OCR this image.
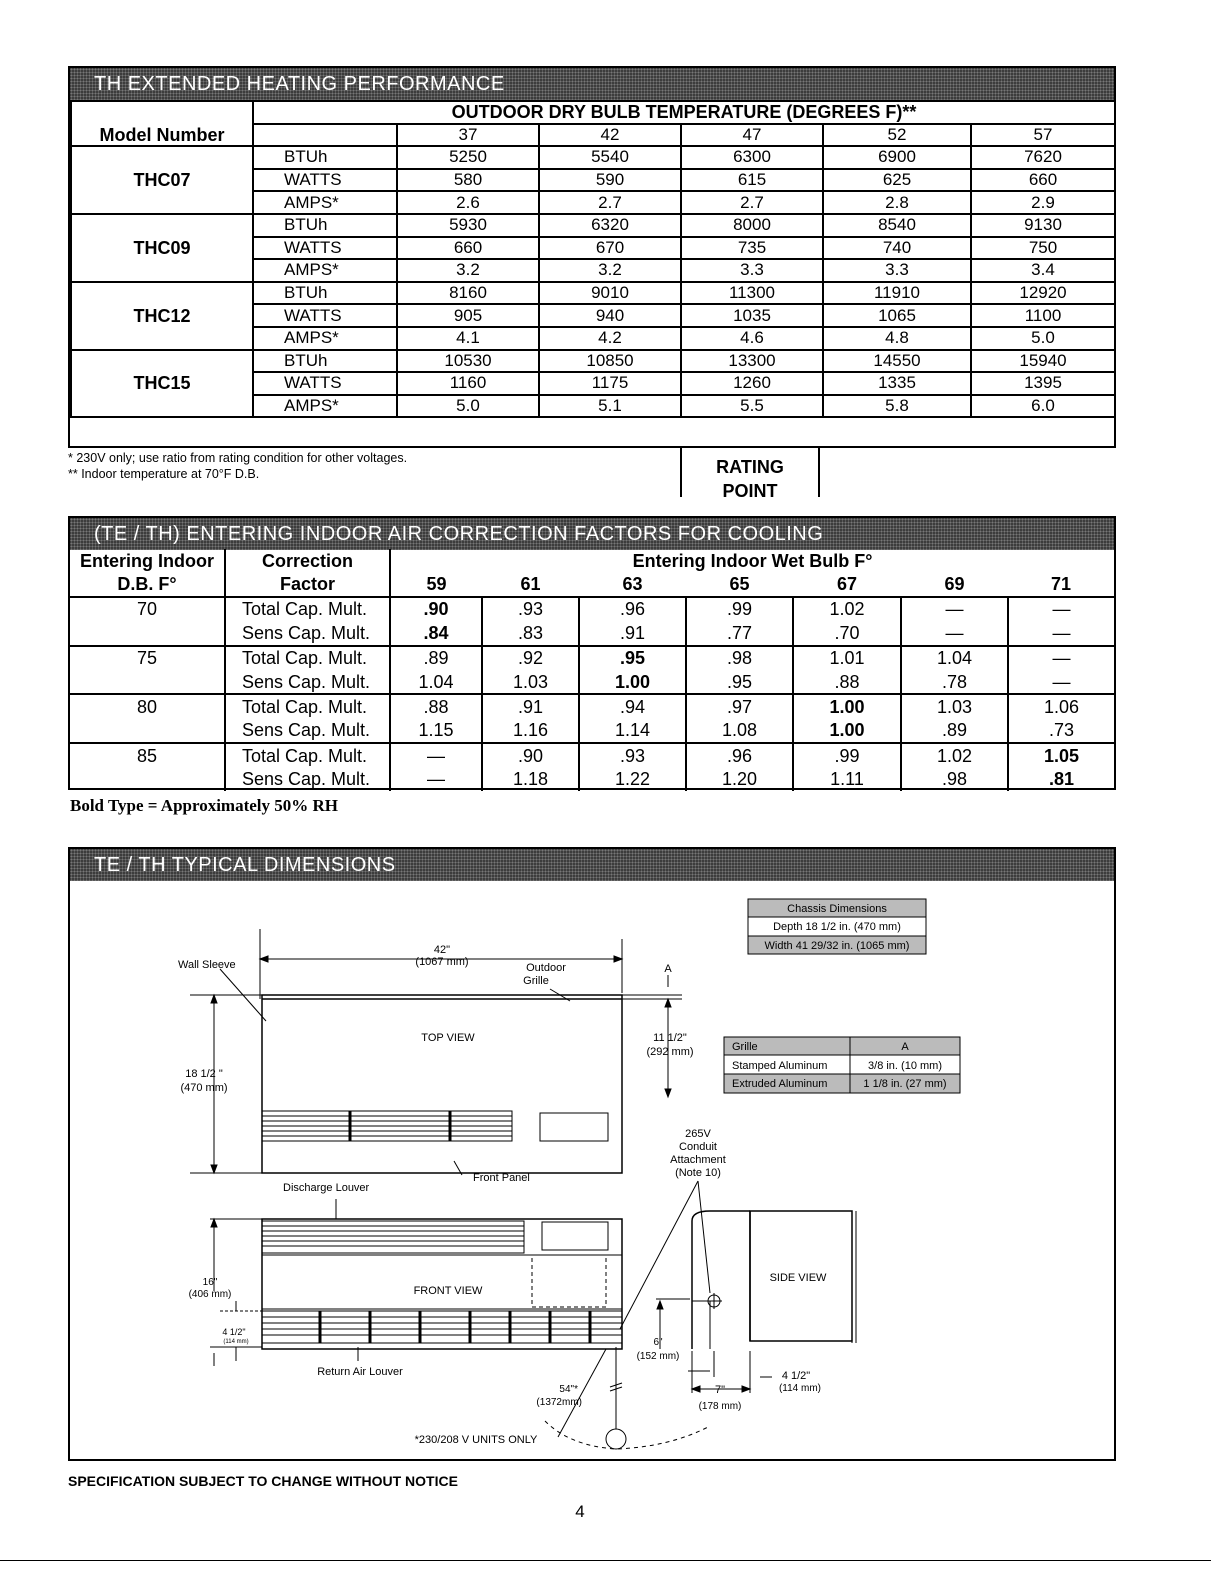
TH EXTENDED HEATING PERFORMANCE
Model Number	OUTDOOR DRY BULB TEMPERATURE (DEGREES F)**					
		37	42	47	52	57
THC07	BTUh	5250	5540	6300	6900	7620
	WATTS	580	590	615	625	660
	AMPS*	2.6	2.7	2.7	2.8	2.9
THC09	BTUh	5930	6320	8000	8540	9130
	WATTS	660	670	735	740	750
	AMPS*	3.2	3.2	3.3	3.3	3.4
THC12	BTUh	8160	9010	11300	11910	12920
	WATTS	905	940	1035	1065	1100
	AMPS*	4.1	4.2	4.6	4.8	5.0
THC15	BTUh	10530	10850	13300	14550	15940
	WATTS	1160	1175	1260	1335	1395
	AMPS*	5.0	5.1	5.5	5.8	6.0
* 230V only; use ratio from rating condition for other voltages.
** Indoor temperature at 70°F D.B.	RATING
POINT
(TE / TH) ENTERING INDOOR AIR CORRECTION FACTORS FOR COOLING
Entering Indoor	Correction	Entering Indoor Wet Bulb F°						
D.B. F°	Factor	59	61	63	65	67	69	71
70	Total Cap. Mult.	.90	.93	.96	.99	1.02	—	—
	Sens Cap. Mult.	.84	.83	.91	.77	.70	—	—
75	Total Cap. Mult.	.89	.92	.95	.98	1.01	1.04	—
	Sens Cap. Mult.	1.04	1.03	1.00	.95	.88	.78	—
80	Total Cap. Mult.	.88	.91	.94	.97	1.00	1.03	1.06
	Sens Cap. Mult.	1.15	1.16	1.14	1.08	1.00	.89	.73
85	Total Cap. Mult.	—	.90	.93	.96	.99	1.02	1.05
	Sens Cap. Mult.	—	1.18	1.22	1.20	1.11	.98	.81
Bold Type = Approximately 50% RH
TE / TH TYPICAL DIMENSIONS
Chassis Dimensions
Depth 18 1/2 in. (470 mm)
Width 41 29/32 in. (1065 mm)
Grille	A
Stamped Aluminum	3/8 in. (10 mm)
Extruded Aluminum	1 1/8 in. (27 mm)
Wall Sleeve
42"
(1067 mm)	Outdoor
Grille
A
TOP VIEW
18 1/2 "
(470 mm)
11 1/2"
(292 mm)
Front Panel
Discharge Louver
265V
Conduit
Attachment
(Note 10)
FRONT VIEW
16"
(406 mm)
4 1/2"
(114 mm)
Return Air Louver
54"*
(1372mm)
*230/208 V UNITS ONLY
SIDE VIEW
6"
(152 mm)
7"
(178 mm)
4 1/2"
(114 mm)
SPECIFICATION SUBJECT TO CHANGE WITHOUT NOTICE
4
